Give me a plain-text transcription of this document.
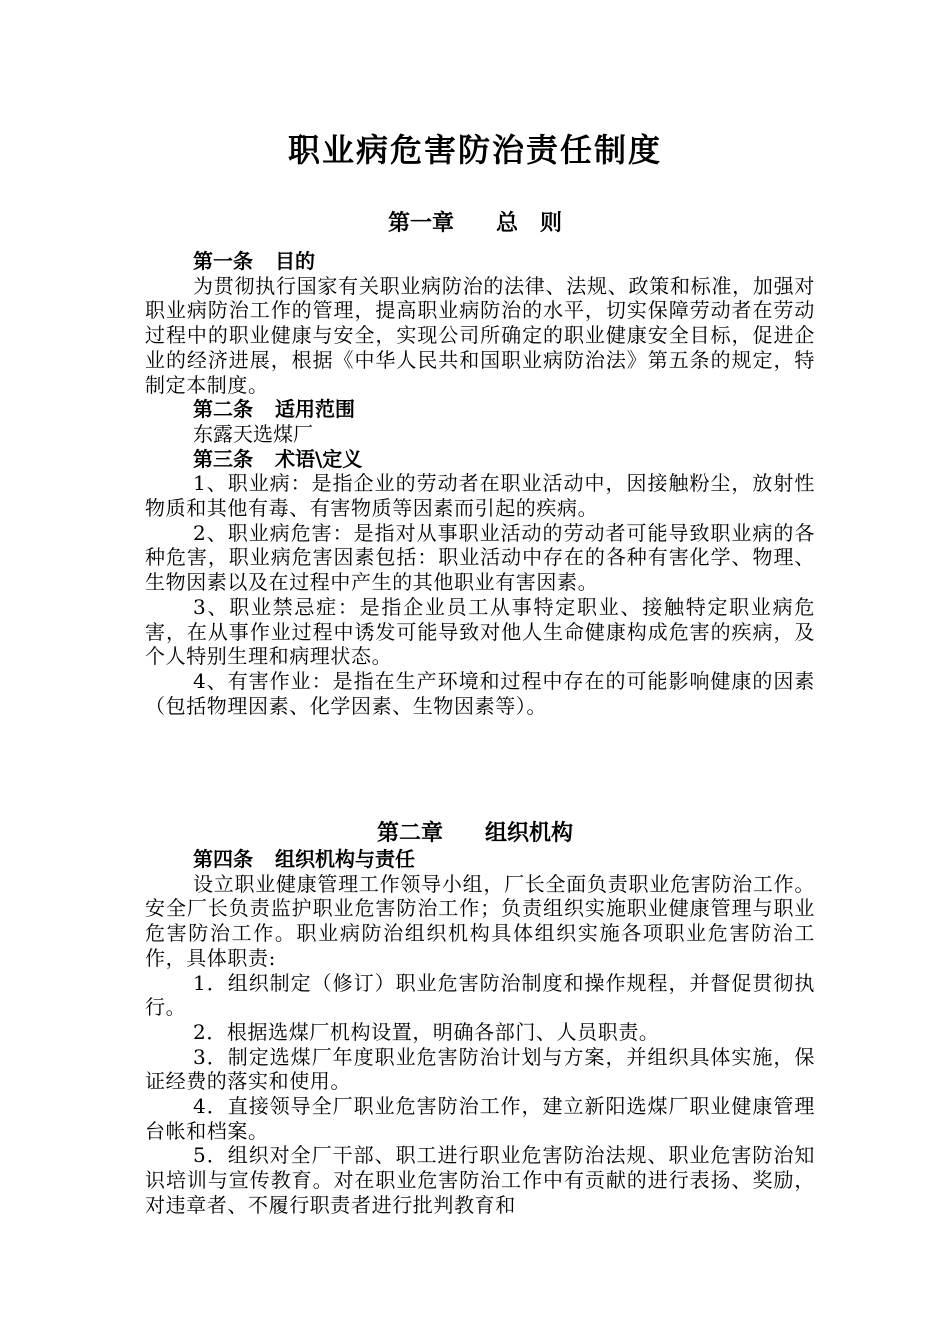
职业病危害防治责任制度
第一章 总　则
第一条 目的

为贯彻执行国家有关职业病防治的法律、法规、政策和标准，加强对职业病防治工作的管理，提高职业病防治的水平，切实保障劳动者在劳动过程中的职业健康与安全，实现公司所确定的职业健康安全目标，促进企业的经济进展，根据《中华人民共和国职业病防治法》第五条的规定，特制定本制度。

第二条 适用范围

东露天选煤厂

第三条 术语\定义

1、职业病：是指企业的劳动者在职业活动中，因接触粉尘，放射性物质和其他有毒、有害物质等因素而引起的疾病。

2、职业病危害：是指对从事职业活动的劳动者可能导致职业病的各种危害，职业病危害因素包括：职业活动中存在的各种有害化学、物理、生物因素以及在过程中产生的其他职业有害因素。

3、职业禁忌症：是指企业员工从事特定职业、接触特定职业病危害，在从事作业过程中诱发可能导致对他人生命健康构成危害的疾病，及个人特别生理和病理状态。

4、有害作业：是指在生产环境和过程中存在的可能影响健康的因素（包括物理因素、化学因素、生物因素等）。

第二章 组织机构
第四条 组织机构与责任

设立职业健康管理工作领导小组，厂长全面负责职业危害防治工作。安全厂长负责监护职业危害防治工作；负责组织实施职业健康管理与职业危害防治工作。职业病防治组织机构具体组织实施各项职业危害防治工作，具体职责:

1．组织制定（修订）职业危害防治制度和操作规程，并督促贯彻执行。

2．根据选煤厂机构设置，明确各部门、人员职责。

3．制定选煤厂年度职业危害防治计划与方案，并组织具体实施，保证经费的落实和使用。

4．直接领导全厂职业危害防治工作，建立新阳选煤厂职业健康管理台帐和档案。

5．组织对全厂干部、职工进行职业危害防治法规、职业危害防治知识培训与宣传教育。对在职业危害防治工作中有贡献的进行表扬、奖励，对违章者、不履行职责者进行批判教育和
